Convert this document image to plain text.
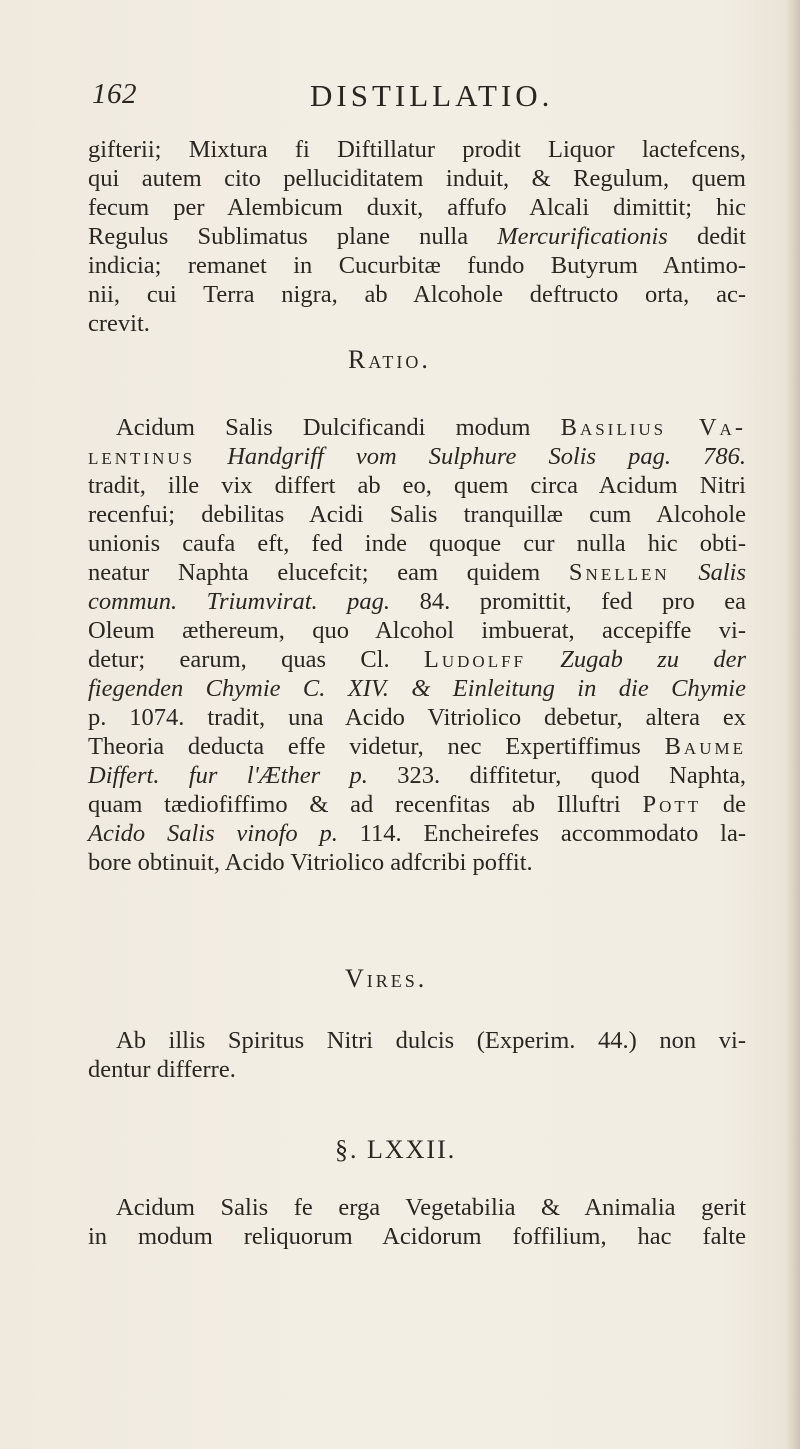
162	DISTILLATIO.
gifterii; Mixtura fi Diftillatur prodit Liquor lactefcens,
qui autem cito pelluciditatem induit, & Regulum, quem
fecum per Alembicum duxit, affufo Alcali dimittit; hic
Regulus Sublimatus plane nulla Mercurificationis dedit
indicia; remanet in Cucurbitæ fundo Butyrum Antimo-
nii, cui Terra nigra, ab Alcohole deftructo orta, ac-
crevit.
Ratio.
Acidum Salis Dulcificandi modum Basilius Va-
lentinus Handgriff vom Sulphure Solis pag. 786.
tradit, ille vix differt ab eo, quem circa Acidum Nitri
recenfui; debilitas Acidi Salis tranquillæ cum Alcohole
unionis caufa eft, fed inde quoque cur nulla hic obti-
neatur Naphta elucefcit; eam quidem Snellen Salis
commun. Triumvirat. pag. 84. promittit, fed pro ea
Oleum æthereum, quo Alcohol imbuerat, accepiffe vi-
detur; earum, quas Cl. Ludolff Zugab zu der
fiegenden Chymie C. XIV. & Einleitung in die Chymie
p. 1074. tradit, una Acido Vitriolico debetur, altera ex
Theoria deducta effe videtur, nec Expertiffimus Baume
Differt. fur l'Æther p. 323. diffitetur, quod Naphta,
quam tædiofiffimo & ad recenfitas ab Illuftri Pott de
Acido Salis vinofo p. 114. Encheirefes accommodato la-
bore obtinuit, Acido Vitriolico adfcribi poffit.
Vires.
Ab illis Spiritus Nitri dulcis (Experim. 44.) non vi-
dentur differre.
§. LXXII.
Acidum Salis fe erga Vegetabilia & Animalia gerit
in modum reliquorum Acidorum foffilium, hac falte
